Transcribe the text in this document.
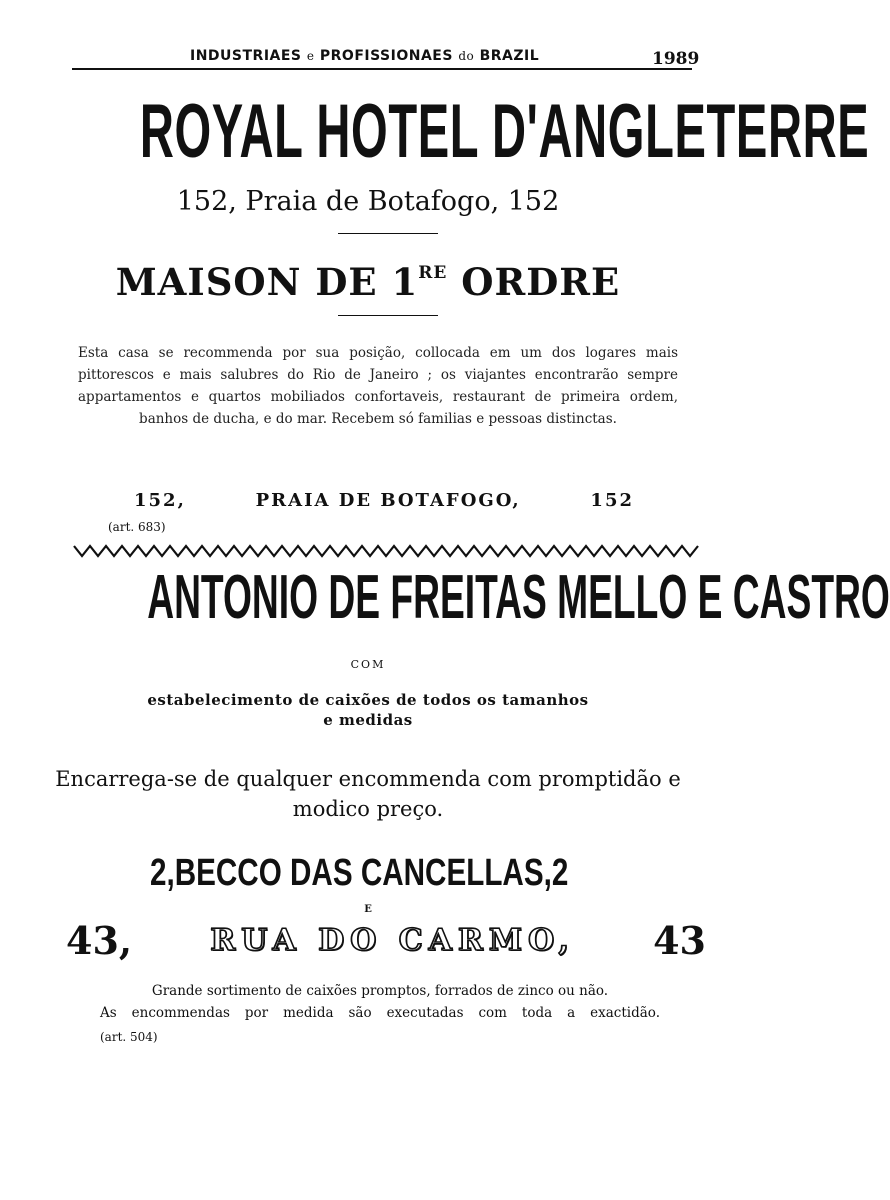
INDUSTRIAES e PROFISSIONAES do BRAZIL	1989
ROYAL HOTEL D'ANGLETERRE
152, Praia de Botafogo, 152
MAISON DE 1RE ORDRE
Esta casa se recommenda por sua posição, collocada em um dos logares mais pittorescos e mais salubres do Rio de Janeiro ; os viajantes encontrarão sempre appartamentos e quartos mobiliados confortaveis, restaurant de primeira ordem, banhos de ducha, e do mar. Recebem só familias e pessoas distinctas.
152,	PRAIA DE BOTAFOGO,	152
(art. 683)
ANTONIO DE FREITAS MELLO E CASTRO
COM
estabelecimento de caixões de todos os tamanhos
e medidas
Encarrega-se de qualquer encommenda com promptidão e
modico preço.
2, BECCO DAS CANCELLAS, 2
E
43,	RUA DO CARMO, 43
Grande sortimento de caixões promptos, forrados de zinco ou não.
As encommendas por medida são executadas com toda a exactidão.
(art. 504)
